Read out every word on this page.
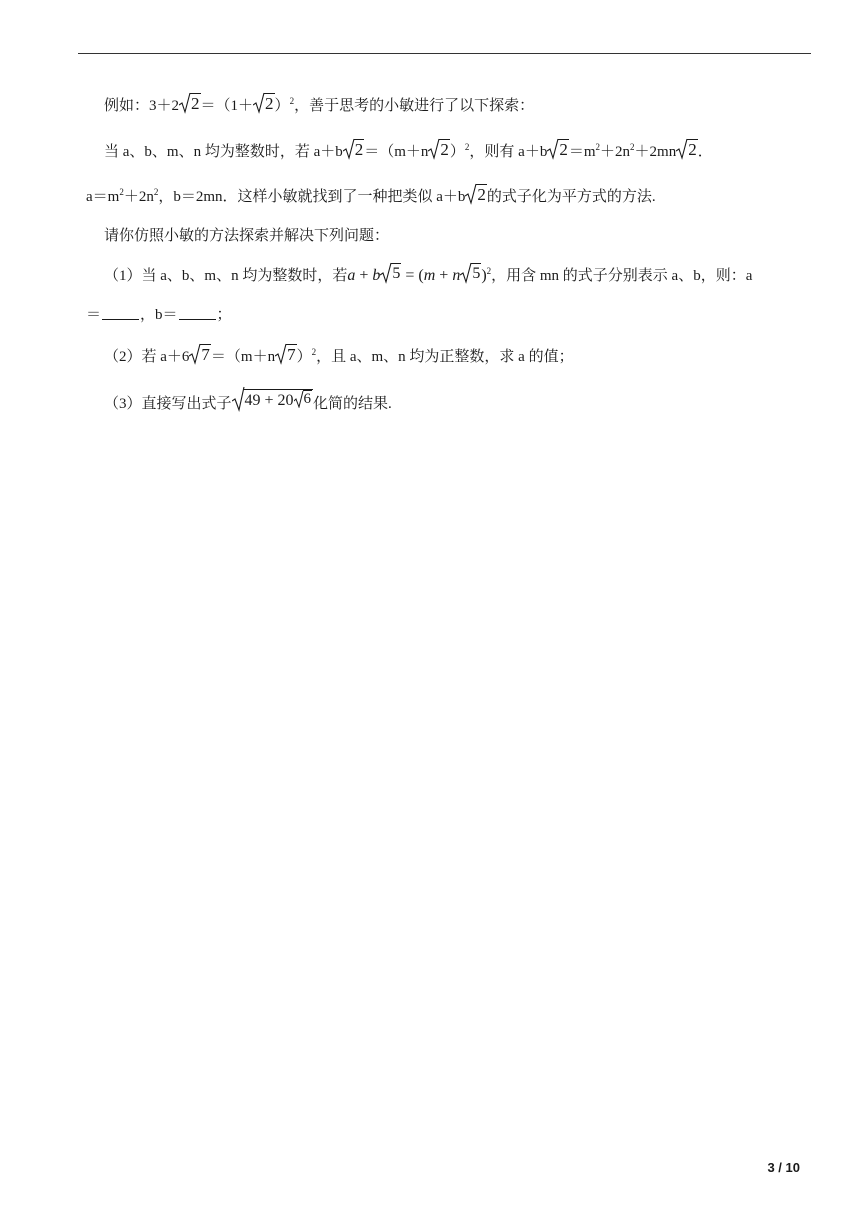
例如：3＋2 2 ＝（1＋ 2 ）$^2$，善于思考的小敏进行了以下探索：
当 a、b、m、n 均为整数时，若 a＋b 2 ＝（m＋n 2 ）$^2$，则有 a＋b $2 =m^2+2n^2+2mn$ 2 ．
$a=m^2+2n^2$，b＝2mn．这样小敏就找到了一种把类似 a＋b 2 的式子化为平方式的方法.
请你仿照小敏的方法探索并解决下列问题：
（1）当 a、b、m、n 均为整数时，若a + b 5 = (m + n 5 )$^2$，用含 mn 的式子分别表示 a、b，则：a
＝	，b＝	；
（2）若 a＋6 7 ＝（m＋n 7 ）$^2$，且 a、m、n 均为正整数，求 a 的值；
（3）直接写出式子 49 + 20 6 化简的结果.
3 / 10
